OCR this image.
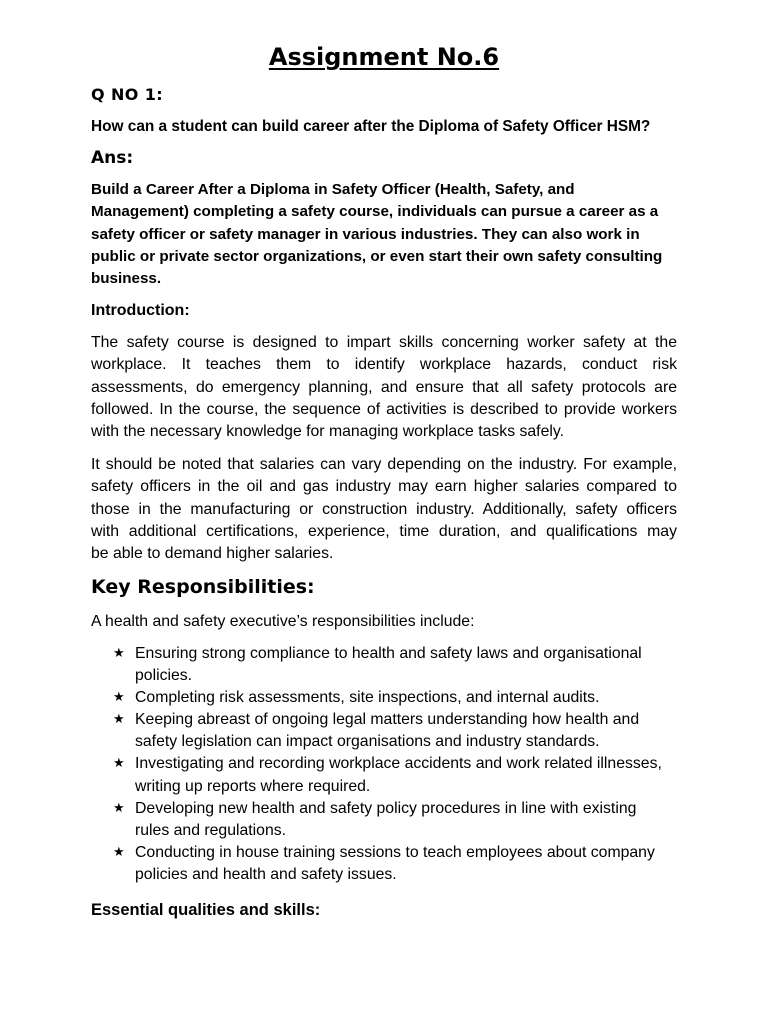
Assignment No.6
Q NO 1:
How can a student can build career after the Diploma of Safety Officer HSM?
Ans:
Build a Career After a Diploma in Safety Officer (Health, Safety, and
Management) completing a safety course, individuals can pursue a career as a
safety officer or safety manager in various industries. They can also work in
public or private sector organizations, or even start their own safety consulting
business.
Introduction:
The safety course is designed to impart skills concerning worker safety at the
workplace. It teaches them to identify workplace hazards, conduct risk
assessments, do emergency planning, and ensure that all safety protocols are
followed. In the course, the sequence of activities is described to provide workers
with the necessary knowledge for managing workplace tasks safely.
It should be noted that salaries can vary depending on the industry. For example,
safety officers in the oil and gas industry may earn higher salaries compared to
those in the manufacturing or construction industry. Additionally, safety officers
with additional certifications, experience, time duration, and qualifications may
be able to demand higher salaries.
Key Responsibilities:
A health and safety executive’s responsibilities include:
★
Ensuring strong compliance to health and safety laws and organisational
policies.
★
Completing risk assessments, site inspections, and internal audits.
★
Keeping abreast of ongoing legal matters understanding how health and
safety legislation can impact organisations and industry standards.
★
Investigating and recording workplace accidents and work related illnesses,
writing up reports where required.
★
Developing new health and safety policy procedures in line with existing
rules and regulations.
★
Conducting in house training sessions to teach employees about company
policies and health and safety issues.
Essential qualities and skills:
